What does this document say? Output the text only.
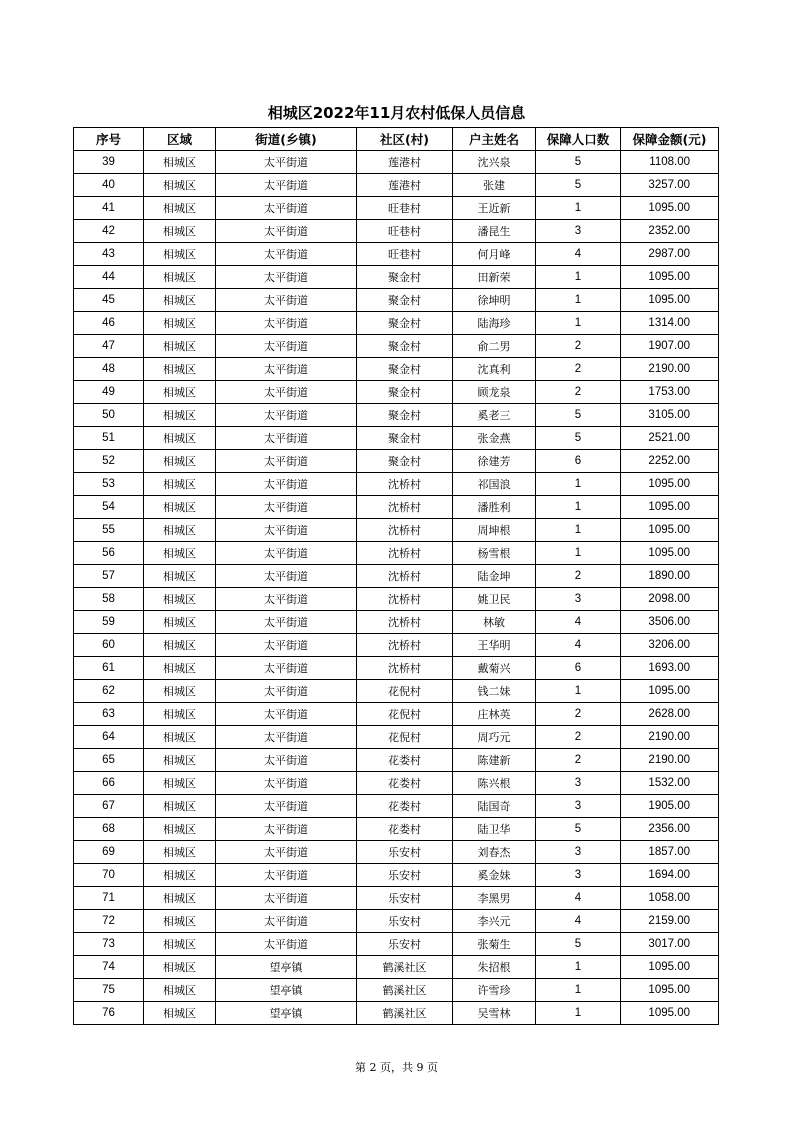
相城区2022年11月农村低保人员信息
序号	区域	街道(乡镇)	社区(村)	户主姓名	保障人口数	保障金额(元)
39	相城区	太平街道	莲港村	沈兴泉	5	1108.00
40	相城区	太平街道	莲港村	张建	5	3257.00
41	相城区	太平街道	旺巷村	王近新	1	1095.00
42	相城区	太平街道	旺巷村	潘昆生	3	2352.00
43	相城区	太平街道	旺巷村	何月峰	4	2987.00
44	相城区	太平街道	聚金村	田新荣	1	1095.00
45	相城区	太平街道	聚金村	徐坤明	1	1095.00
46	相城区	太平街道	聚金村	陆海珍	1	1314.00
47	相城区	太平街道	聚金村	俞二男	2	1907.00
48	相城区	太平街道	聚金村	沈真利	2	2190.00
49	相城区	太平街道	聚金村	顾龙泉	2	1753.00
50	相城区	太平街道	聚金村	奚老三	5	3105.00
51	相城区	太平街道	聚金村	张金燕	5	2521.00
52	相城区	太平街道	聚金村	徐建芳	6	2252.00
53	相城区	太平街道	沈桥村	祁国浪	1	1095.00
54	相城区	太平街道	沈桥村	潘胜利	1	1095.00
55	相城区	太平街道	沈桥村	周坤根	1	1095.00
56	相城区	太平街道	沈桥村	杨雪根	1	1095.00
57	相城区	太平街道	沈桥村	陆金坤	2	1890.00
58	相城区	太平街道	沈桥村	姚卫民	3	2098.00
59	相城区	太平街道	沈桥村	林敏	4	3506.00
60	相城区	太平街道	沈桥村	王华明	4	3206.00
61	相城区	太平街道	沈桥村	戴菊兴	6	1693.00
62	相城区	太平街道	花倪村	钱二妹	1	1095.00
63	相城区	太平街道	花倪村	庄林英	2	2628.00
64	相城区	太平街道	花倪村	周巧元	2	2190.00
65	相城区	太平街道	花娄村	陈建新	2	2190.00
66	相城区	太平街道	花娄村	陈兴根	3	1532.00
67	相城区	太平街道	花娄村	陆国奇	3	1905.00
68	相城区	太平街道	花娄村	陆卫华	5	2356.00
69	相城区	太平街道	乐安村	刘春杰	3	1857.00
70	相城区	太平街道	乐安村	奚金妹	3	1694.00
71	相城区	太平街道	乐安村	李黑男	4	1058.00
72	相城区	太平街道	乐安村	李兴元	4	2159.00
73	相城区	太平街道	乐安村	张菊生	5	3017.00
74	相城区	望亭镇	鹤溪社区	朱招根	1	1095.00
75	相城区	望亭镇	鹤溪社区	许雪珍	1	1095.00
76	相城区	望亭镇	鹤溪社区	吴雪林	1	1095.00
第 2 页，共 9 页
